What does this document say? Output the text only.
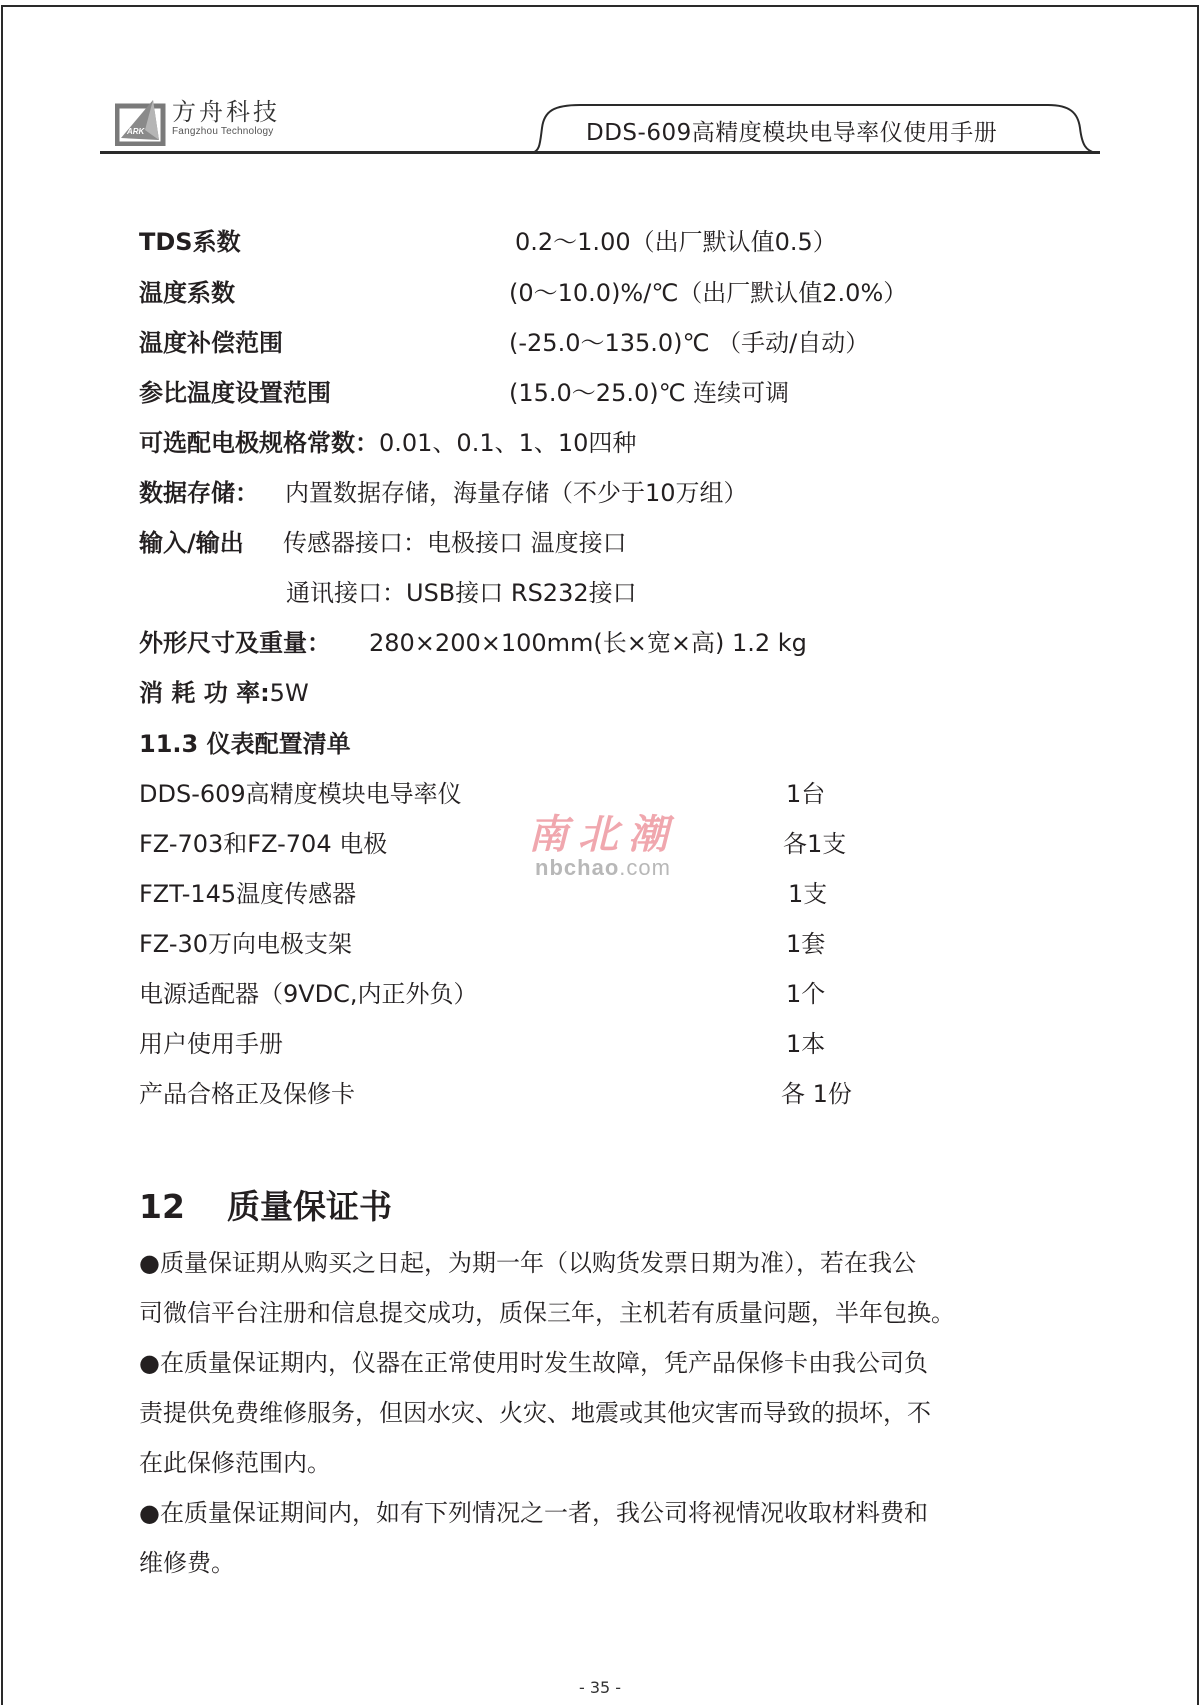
ARK
方舟科技
Fangzhou Technology	DDS-609高精度模块电导率仪使用手册
TDS系数	0.2～1.00（出厂默认值0.5）
温度系数	(0～10.0)%/℃（出厂默认值2.0%）
温度补偿范围	(-25.0～135.0)℃ （手动/自动）
参比温度设置范围	(15.0～25.0)℃ 连续可调
可选配电极规格常数：0.01、0.1、1、10四种
数据存储： 内置数据存储，海量存储（不少于10万组）
输入/输出 传感器接口：电极接口 温度接口
通讯接口：USB接口 RS232接口
外形尺寸及重量： 280×200×100mm(长×宽×高) 1.2 kg
消 耗 功 率:5W
11.3 仪表配置清单
DDS-609高精度模块电导率仪	1台
FZ-703和FZ-704 电极	各1支
FZT-145温度传感器	1支
FZ-30万向电极支架	1套
电源适配器（9VDC,内正外负）	1个
用户使用手册	1本
产品合格正及保修卡	各 1份
12 质量保证书
●质量保证期从购买之日起，为期一年（以购货发票日期为准），若在我公
司微信平台注册和信息提交成功，质保三年，主机若有质量问题，半年包换。
●在质量保证期内，仪器在正常使用时发生故障，凭产品保修卡由我公司负
责提供免费维修服务，但因水灾、火灾、地震或其他灾害而导致的损坏，不
在此保修范围内。
●在质量保证期间内，如有下列情况之一者，我公司将视情况收取材料费和
维修费。
南北潮
nbchao.com
- 35 -
